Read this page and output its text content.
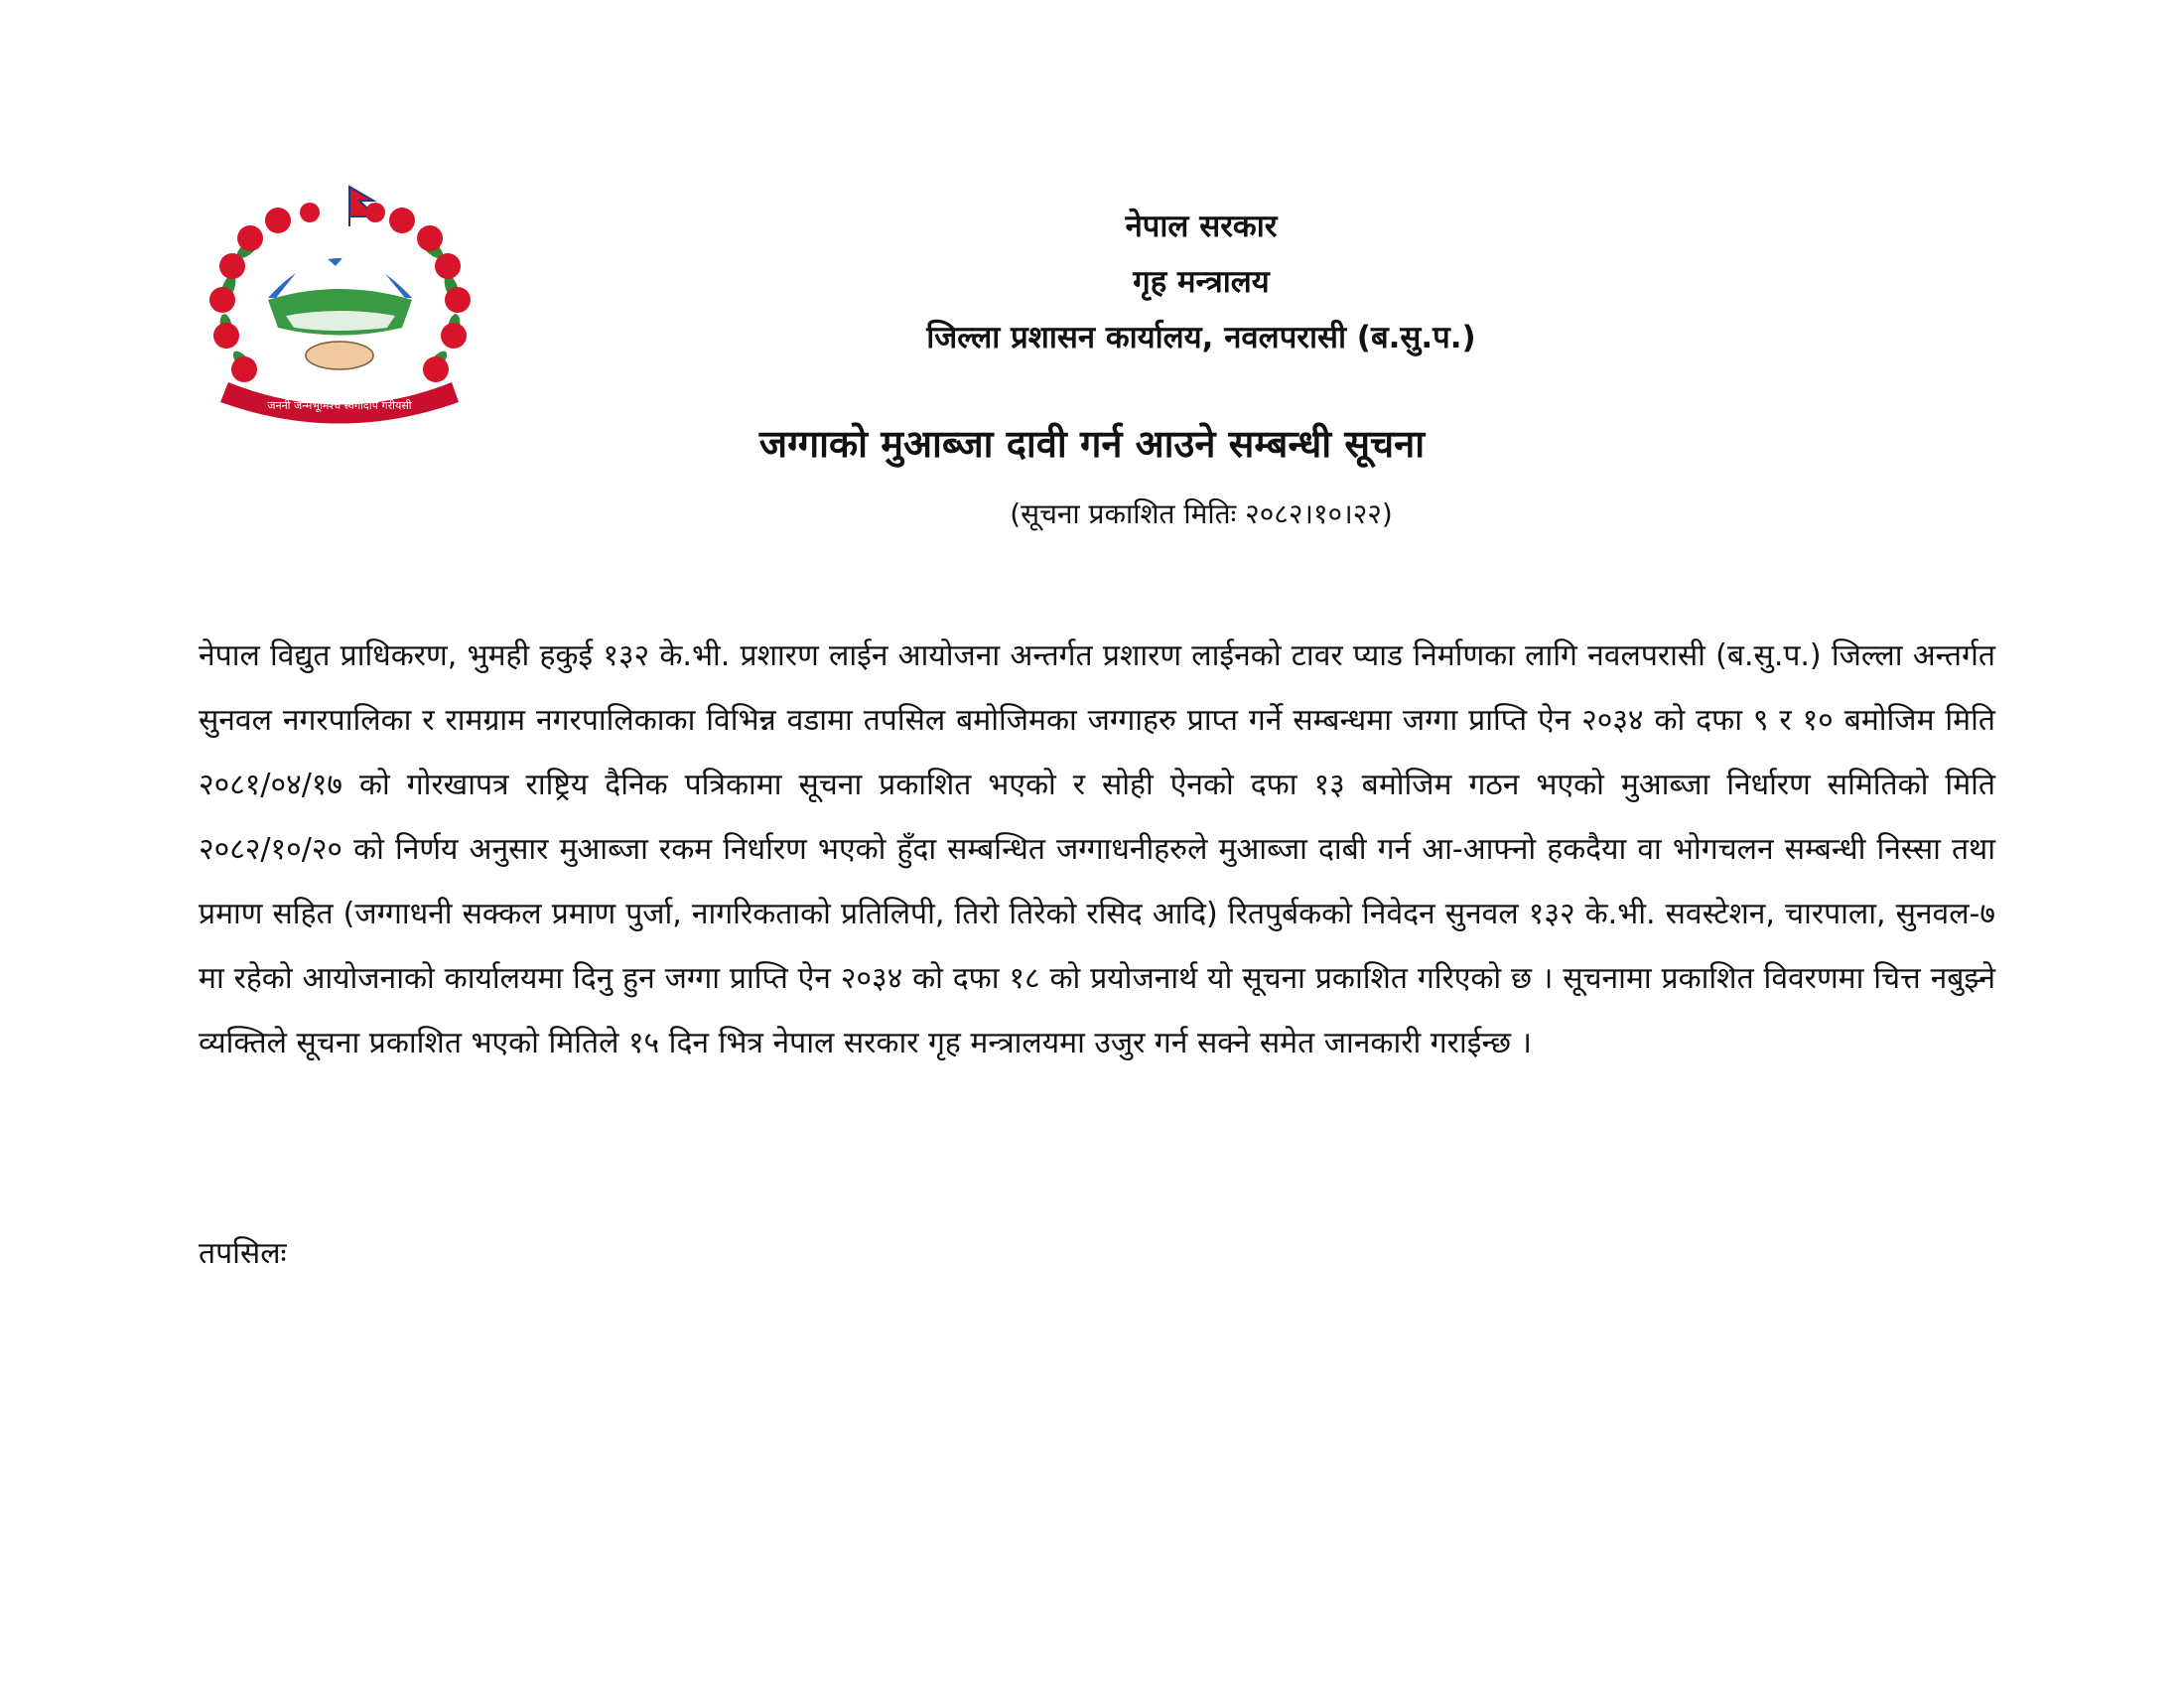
जननी जन्मभूमिश्च स्वर्गादपि गरीयसी
नेपाल सरकार
गृह मन्त्रालय
जिल्ला प्रशासन कार्यालय, नवलपरासी (ब.सु.प.)
जग्गाको मुआब्जा दावी गर्न आउने सम्बन्धी सूचना
(सूचना प्रकाशित मितिः २०८२।१०।२२)
नेपाल विद्युत प्राधिकरण, भुमही हकुई १३२ के.भी. प्रशारण लाईन आयोजना अन्तर्गत प्रशारण लाईनको टावर प्याड निर्माणका लागि नवलपरासी (ब.सु.प.) जिल्ला अन्तर्गत सुनवल नगरपालिका र रामग्राम नगरपालिकाका विभिन्न वडामा तपसिल बमोजिमका जग्गाहरु प्राप्त गर्ने सम्बन्धमा जग्गा प्राप्ति ऐन २०३४ को दफा ९ र १० बमोजिम मिति २०८१/०४/१७ को गोरखापत्र राष्ट्रिय दैनिक पत्रिकामा सूचना प्रकाशित भएको र सोही ऐनको दफा १३ बमोजिम गठन भएको मुआब्जा निर्धारण समितिको मिति २०८२/१०/२० को निर्णय अनुसार मुआब्जा रकम निर्धारण भएको हुँदा सम्बन्धित जग्गाधनीहरुले मुआब्जा दाबी गर्न आ-आफ्नो हकदैया वा भोगचलन सम्बन्धी निस्सा तथा प्रमाण सहित (जग्गाधनी सक्कल प्रमाण पुर्जा, नागरिकताको प्रतिलिपी, तिरो तिरेको रसिद आदि) रितपुर्बकको निवेदन सुनवल १३२ के.भी. सवस्टेशन, चारपाला, सुनवल-७ मा रहेको आयोजनाको कार्यालयमा दिनु हुन जग्गा प्राप्ति ऐन २०३४ को दफा १८ को प्रयोजनार्थ यो सूचना प्रकाशित गरिएको छ । सूचनामा प्रकाशित विवरणमा चित्त नबुझ्ने व्यक्तिले सूचना प्रकाशित भएको मितिले १५ दिन भित्र नेपाल सरकार गृह मन्त्रालयमा उजुर गर्न सक्ने समेत जानकारी गराईन्छ ।
तपसिलः
